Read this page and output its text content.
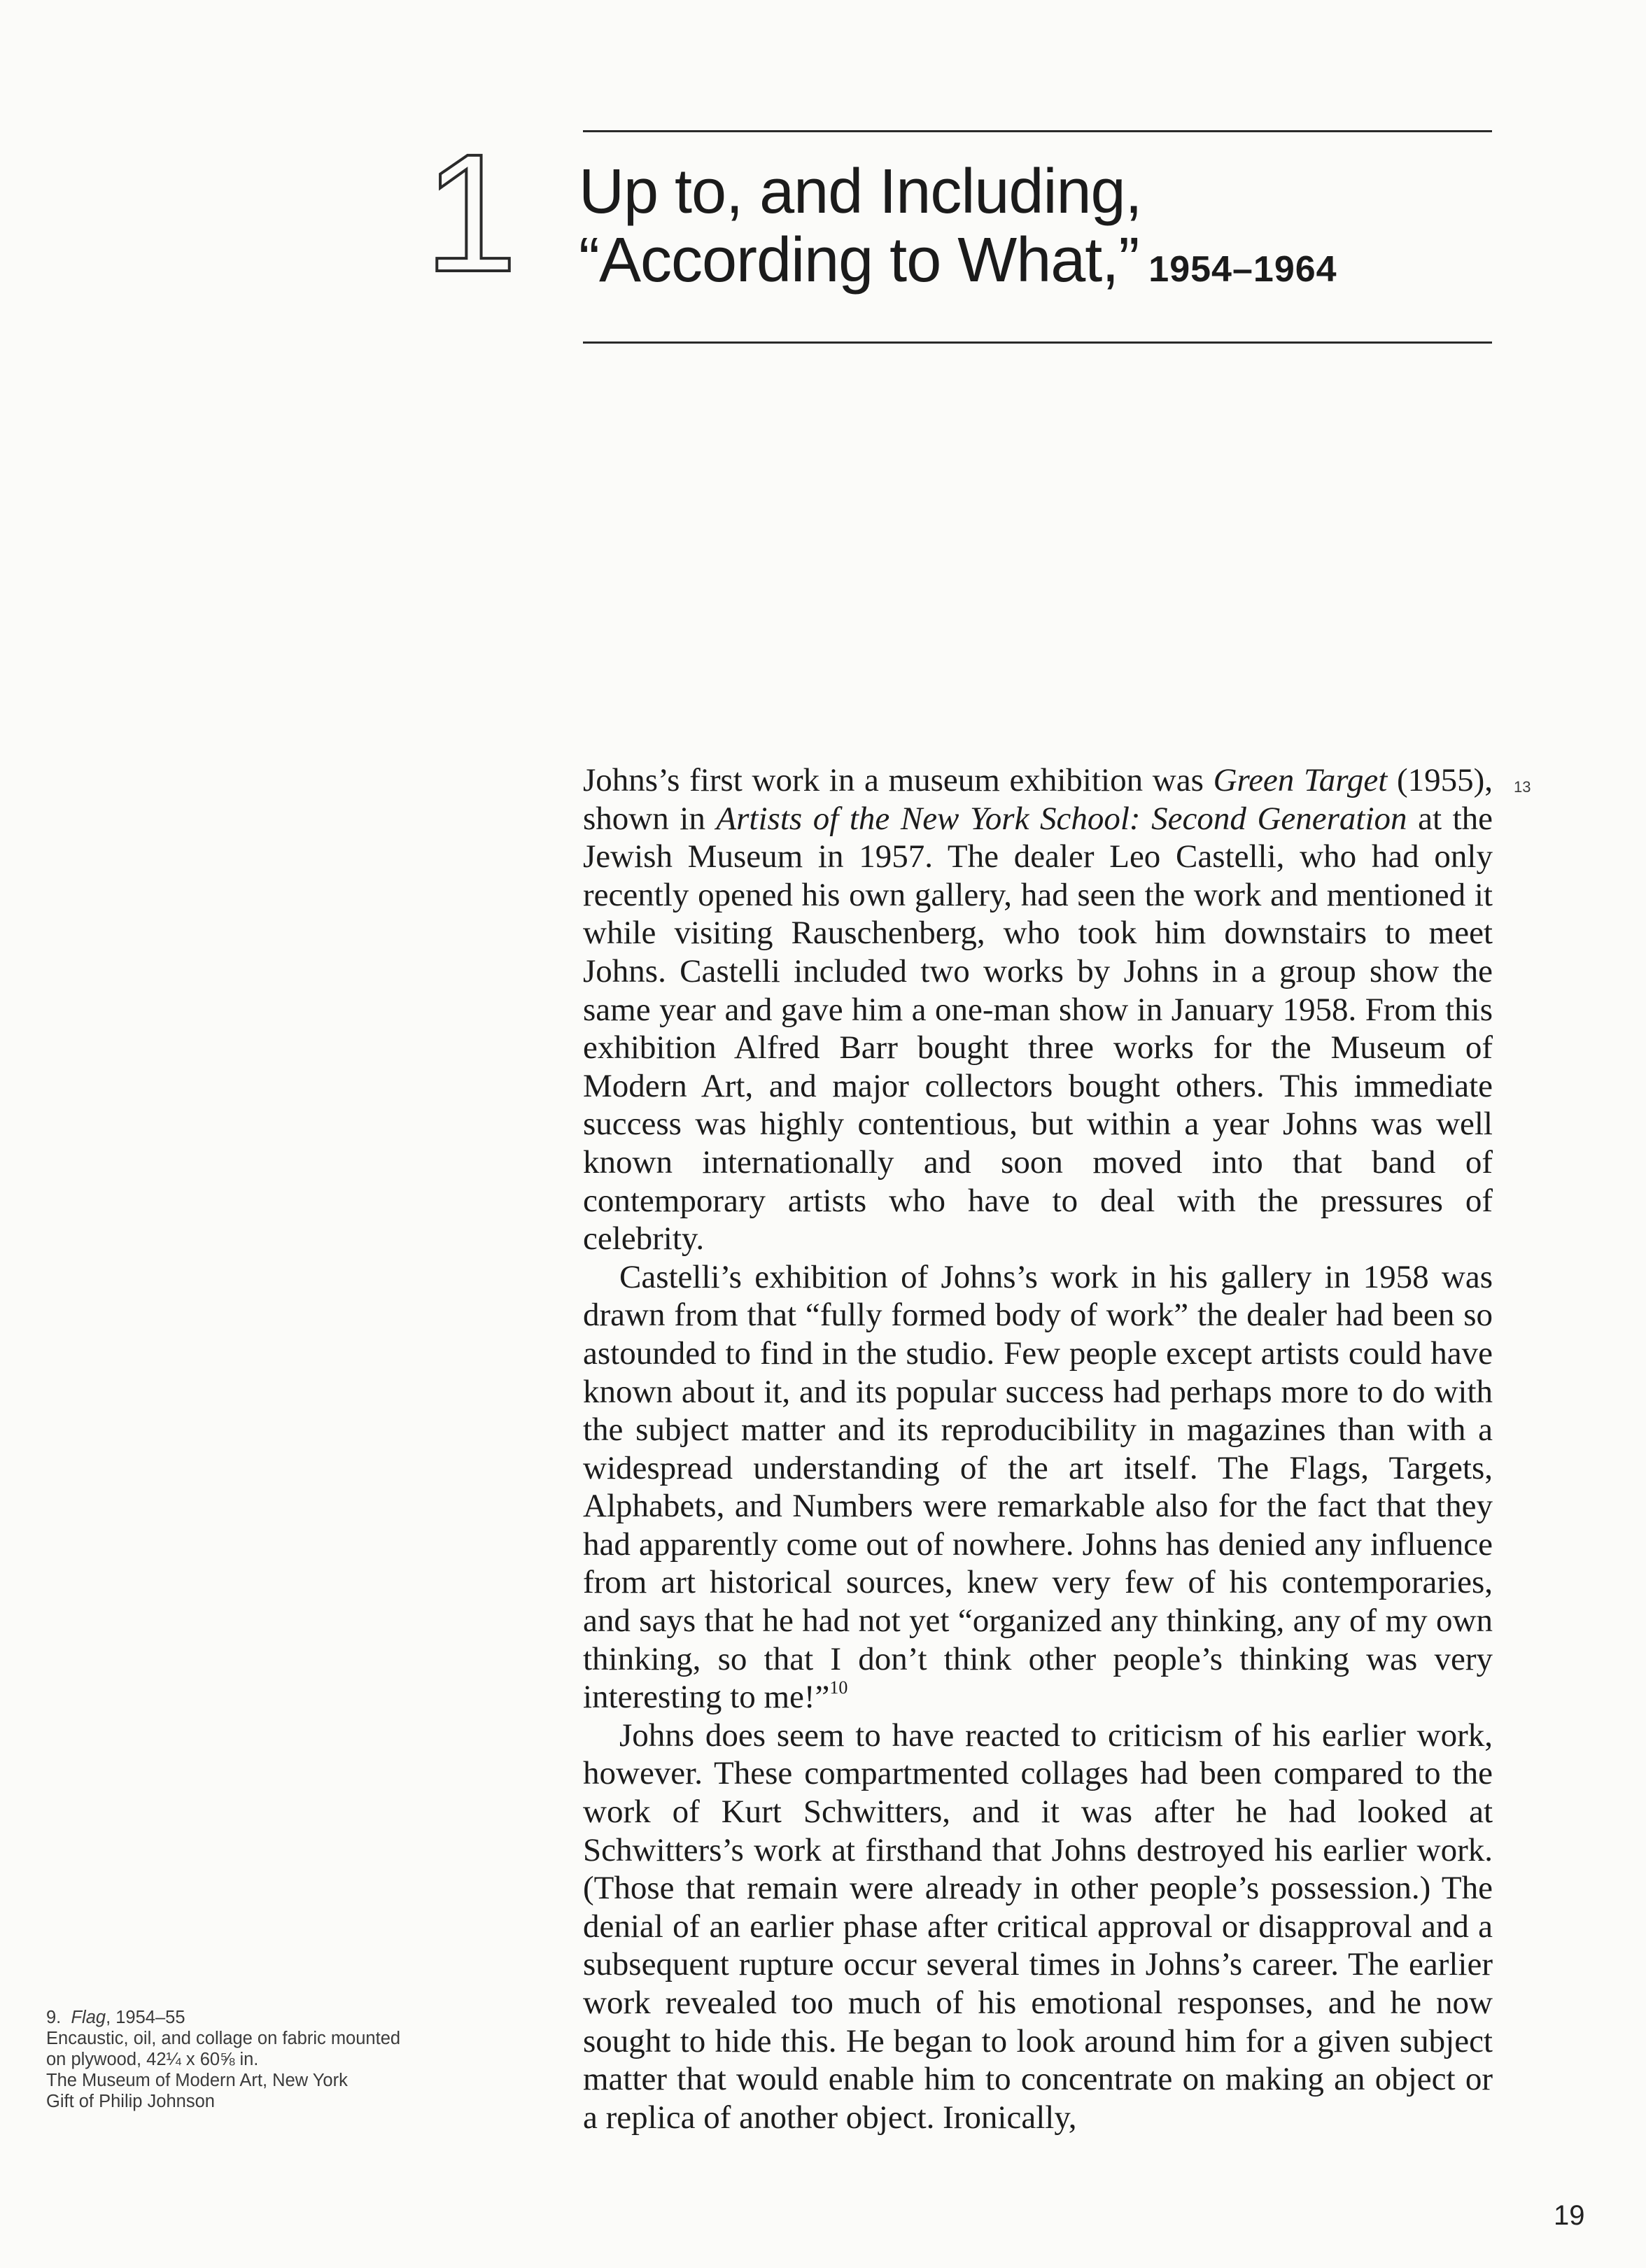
1 Up to, and Including,
“According to What,” 1954–1964

Johns’s first work in a museum exhibition was Green Target (1955), shown in Artists of the New York School: Second Generation at the Jewish Museum in 1957. The dealer Leo Castelli, who had only recently opened his own gallery, had seen the work and mentioned it while visiting Rauschenberg, who took him downstairs to meet Johns. Castelli included two works by Johns in a group show the same year and gave him a one-man show in January 1958. From this exhibition Alfred Barr bought three works for the Museum of Modern Art, and major collectors bought others. This immediate success was highly contentious, but within a year Johns was well known internationally and soon moved into that band of contemporary artists who have to deal with the pressures of celebrity.

Castelli’s exhibition of Johns’s work in his gallery in 1958 was drawn from that “fully formed body of work” the dealer had been so astounded to find in the studio. Few people except artists could have known about it, and its popular success had perhaps more to do with the subject matter and its reproducibility in magazines than with a widespread understanding of the art itself. The Flags, Targets, Alphabets, and Numbers were remarkable also for the fact that they had apparently come out of nowhere. Johns has denied any influence from art historical sources, knew very few of his contemporaries, and says that he had not yet “organized any thinking, any of my own thinking, so that I don’t think other people’s thinking was very interesting to me!”$^{10}$

Johns does seem to have reacted to criticism of his earlier work, however. These compartmented collages had been compared to the work of Kurt Schwitters, and it was after he had looked at Schwitters’s work at firsthand that Johns destroyed his earlier work. (Those that remain were already in other people’s possession.) The denial of an earlier phase after critical approval or disapproval and a subsequent rupture occur several times in Johns’s career. The earlier work revealed too much of his emotional responses, and he now sought to hide this. He began to look around him for a given subject matter that would enable him to concentrate on making an object or a replica of another object. Ironically,

13
9. Flag, 1954–55
Encaustic, oil, and collage on fabric mounted
on plywood, 42¼ x 60⅝ in.
The Museum of Modern Art, New York
Gift of Philip Johnson
19
